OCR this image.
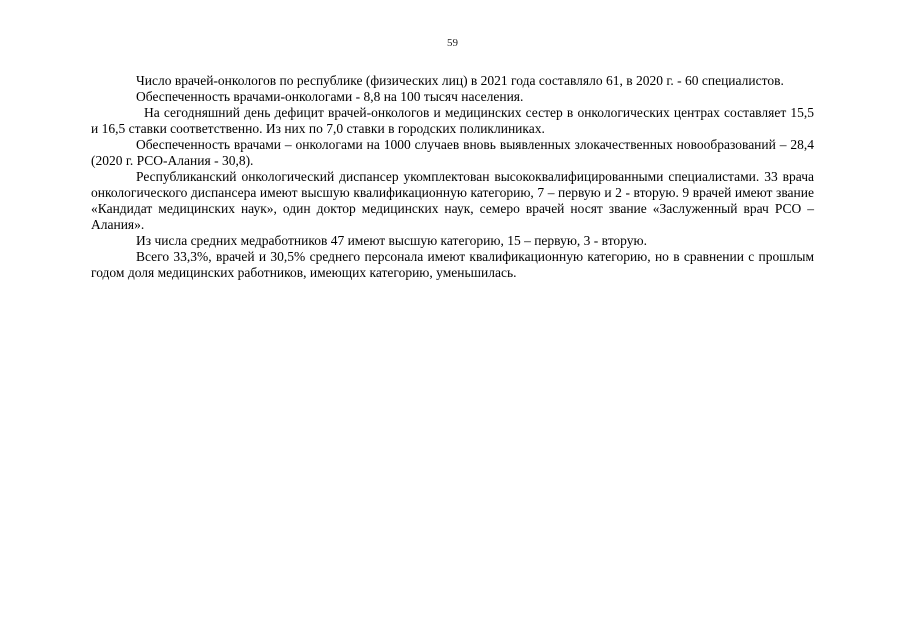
59

Число врачей-онкологов по республике (физических лиц) в 2021 года составляло 61, в 2020 г. - 60 специалистов.

Обеспеченность врачами-онкологами - 8,8 на 100 тысяч населения.

На сегодняшний день дефицит врачей-онкологов и медицинских сестер в онкологических центрах составляет 15,5 и 16,5 ставки соответственно. Из них по 7,0 ставки в городских поликлиниках.

Обеспеченность врачами – онкологами на 1000 случаев вновь выявленных злокачественных новообразований – 28,4 (2020 г. РСО-Алания - 30,8).

Республиканский онкологический диспансер укомплектован высококвалифицированными специалистами. 33 врача онкологического диспансера имеют высшую квалификационную категорию, 7 – первую и 2 - вторую. 9 врачей имеют звание «Кандидат медицинских наук», один доктор медицинских наук, семеро врачей носят звание «Заслуженный врач РСО – Алания».

Из числа средних медработников 47 имеют высшую категорию, 15 – первую, 3 - вторую.

Всего 33,3%, врачей и 30,5% среднего персонала имеют квалификационную категорию, но в сравнении с прошлым годом доля медицинских работников, имеющих категорию, уменьшилась.
